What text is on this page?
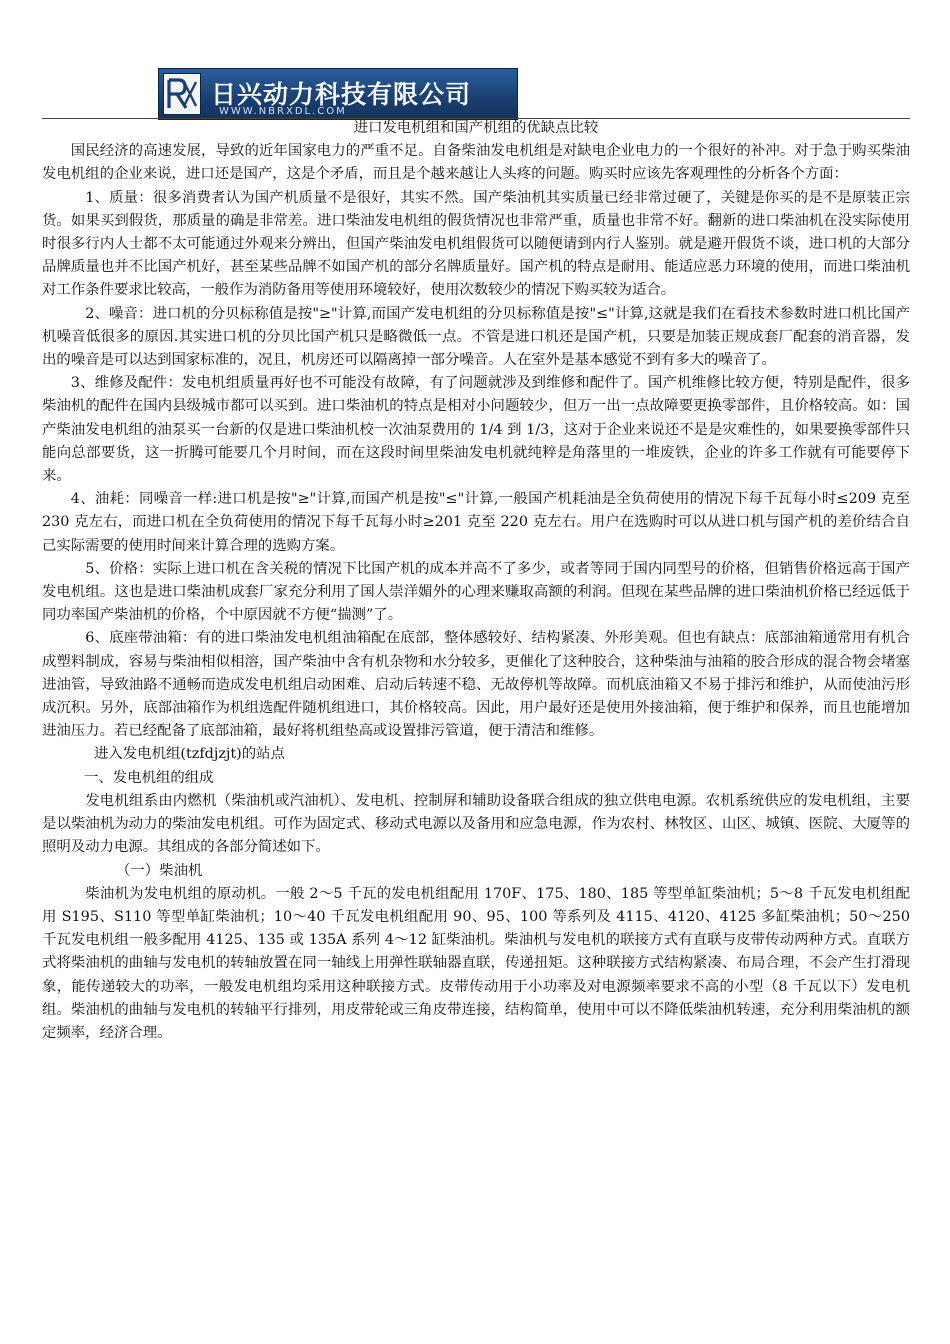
日兴动力科技有限公司
WWW.NBRXDL.COM

进口发电机组和国产机组的优缺点比较

国民经济的高速发展，导致的近年国家电力的严重不足。自备柴油发电机组是对缺电企业电力的一个很好的补冲。对于急于购买柴油发电机组的企业来说，进口还是国产，这是个矛盾，而且是个越来越让人头疼的问题。购买时应该先客观理性的分析各个方面：

1、质量：很多消费者认为国产机质量不是很好，其实不然。国产柴油机其实质量已经非常过硬了，关键是你买的是不是原装正宗货。如果买到假货，那质量的确是非常差。进口柴油发电机组的假货情况也非常严重，质量也非常不好。翻新的进口柴油机在没实际使用时很多行内人士都不太可能通过外观来分辨出，但国产柴油发电机组假货可以随便请到内行人鉴别。就是避开假货不谈，进口机的大部分品牌质量也并不比国产机好，甚至某些品牌不如国产机的部分名牌质量好。国产机的特点是耐用、能适应恶力环境的使用，而进口柴油机对工作条件要求比较高，一般作为消防备用等使用环境较好，使用次数较少的情况下购买较为适合。

2、噪音：进口机的分贝标称值是按"≥"计算,而国产发电机组的分贝标称值是按"≤"计算,这就是我们在看技术参数时进口机比国产机噪音低很多的原因.其实进口机的分贝比国产机只是略微低一点。不管是进口机还是国产机，只要是加装正规成套厂配套的消音器，发出的噪音是可以达到国家标准的，况且，机房还可以隔离掉一部分噪音。人在室外是基本感觉不到有多大的噪音了。

3、维修及配件：发电机组质量再好也不可能没有故障，有了问题就涉及到维修和配件了。国产机维修比较方便，特别是配件，很多柴油机的配件在国内县级城市都可以买到。进口柴油机的特点是相对小问题较少，但万一出一点故障要更换零部件，且价格较高。如：国产柴油发电机组的油泵买一台新的仅是进口柴油机校一次油泵费用的 1/4 到 1/3，这对于企业来说还不是是灾难性的，如果要换零部件只能向总部要货，这一折腾可能要几个月时间，而在这段时间里柴油发电机就纯粹是角落里的一堆废铁，企业的许多工作就有可能要停下来。

4、油耗：同噪音一样:进口机是按"≥"计算,而国产机是按"≤"计算,一般国产机耗油是全负荷使用的情况下每千瓦每小时≤209 克至 230 克左右，而进口机在全负荷使用的情况下每千瓦每小时≥201 克至 220 克左右。用户在选购时可以从进口机与国产机的差价结合自己实际需要的使用时间来计算合理的选购方案。

5、价格：实际上进口机在含关税的情况下比国产机的成本并高不了多少，或者等同于国内同型号的价格，但销售价格远高于国产发电机组。这也是进口柴油机成套厂家充分利用了国人崇洋媚外的心理来赚取高额的利润。但现在某些品牌的进口柴油机价格已经远低于同功率国产柴油机的价格，个中原因就不方便“揣测”了。

6、底座带油箱：有的进口柴油发电机组油箱配在底部，整体感较好、结构紧凑、外形美观。但也有缺点：底部油箱通常用有机合成塑料制成，容易与柴油相似相溶，国产柴油中含有机杂物和水分较多，更催化了这种胶合，这种柴油与油箱的胶合形成的混合物会堵塞进油管，导致油路不通畅而造成发电机组启动困难、启动后转速不稳、无故停机等故障。而机底油箱又不易于排污和维护，从而使油污形成沉积。另外，底部油箱作为机组选配件随机组进口，其价格较高。因此，用户最好还是使用外接油箱，便于维护和保养，而且也能增加进油压力。若已经配备了底部油箱，最好将机组垫高或设置排污管道，便于清洁和维修。

进入发电机组(tzfdjzjt)的站点

一、发电机组的组成

发电机组系由内燃机（柴油机或汽油机）、发电机、控制屏和辅助设备联合组成的独立供电电源。农机系统供应的发电机组，主要是以柴油机为动力的柴油发电机组。可作为固定式、移动式电源以及备用和应急电源，作为农村、林牧区、山区、城镇、医院、大厦等的照明及动力电源。其组成的各部分简述如下。

（一）柴油机

柴油机为发电机组的原动机。一般 2～5 千瓦的发电机组配用 170F、175、180、185 等型单缸柴油机；5～8 千瓦发电机组配用 S195、S110 等型单缸柴油机；10～40 千瓦发电机组配用 90、95、100 等系列及 4115、4120、4125 多缸柴油机；50～250 千瓦发电机组一般多配用 4125、135 或 135A 系列 4～12 缸柴油机。柴油机与发电机的联接方式有直联与皮带传动两种方式。直联方式将柴油机的曲轴与发电机的转轴放置在同一轴线上用弹性联轴器直联，传递扭矩。这种联接方式结构紧凑、布局合理，不会产生打滑现象，能传递较大的功率，一般发电机组均采用这种联接方式。皮带传动用于小功率及对电源频率要求不高的小型（8 千瓦以下）发电机组。柴油机的曲轴与发电机的转轴平行排列，用皮带轮或三角皮带连接，结构简单，使用中可以不降低柴油机转速，充分利用柴油机的额定频率，经济合理。
